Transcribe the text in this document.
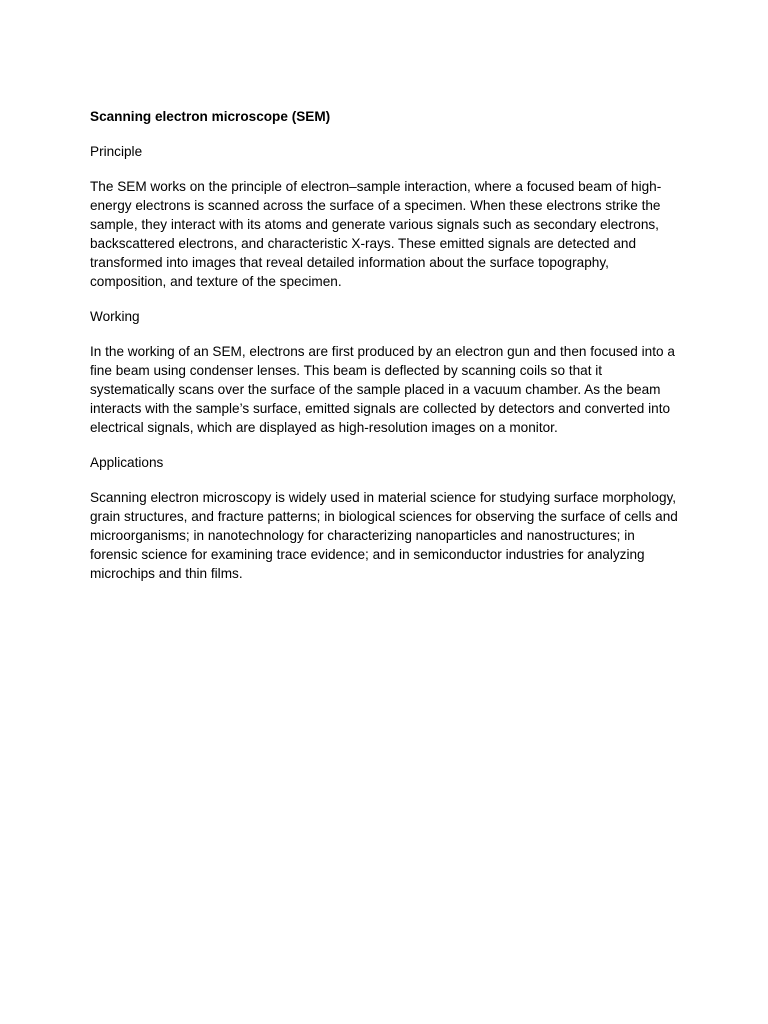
Scanning electron microscope (SEM)
Principle
The SEM works on the principle of electron–sample interaction, where a focused beam of high-energy electrons is scanned across the surface of a specimen. When these electrons strike the sample, they interact with its atoms and generate various signals such as secondary electrons, backscattered electrons, and characteristic X-rays. These emitted signals are detected and transformed into images that reveal detailed information about the surface topography, composition, and texture of the specimen.
Working
In the working of an SEM, electrons are first produced by an electron gun and then focused into a fine beam using condenser lenses. This beam is deflected by scanning coils so that it systematically scans over the surface of the sample placed in a vacuum chamber. As the beam interacts with the sample’s surface, emitted signals are collected by detectors and converted into electrical signals, which are displayed as high-resolution images on a monitor.
Applications
Scanning electron microscopy is widely used in material science for studying surface morphology, grain structures, and fracture patterns; in biological sciences for observing the surface of cells and microorganisms; in nanotechnology for characterizing nanoparticles and nanostructures; in forensic science for examining trace evidence; and in semiconductor industries for analyzing microchips and thin films.
